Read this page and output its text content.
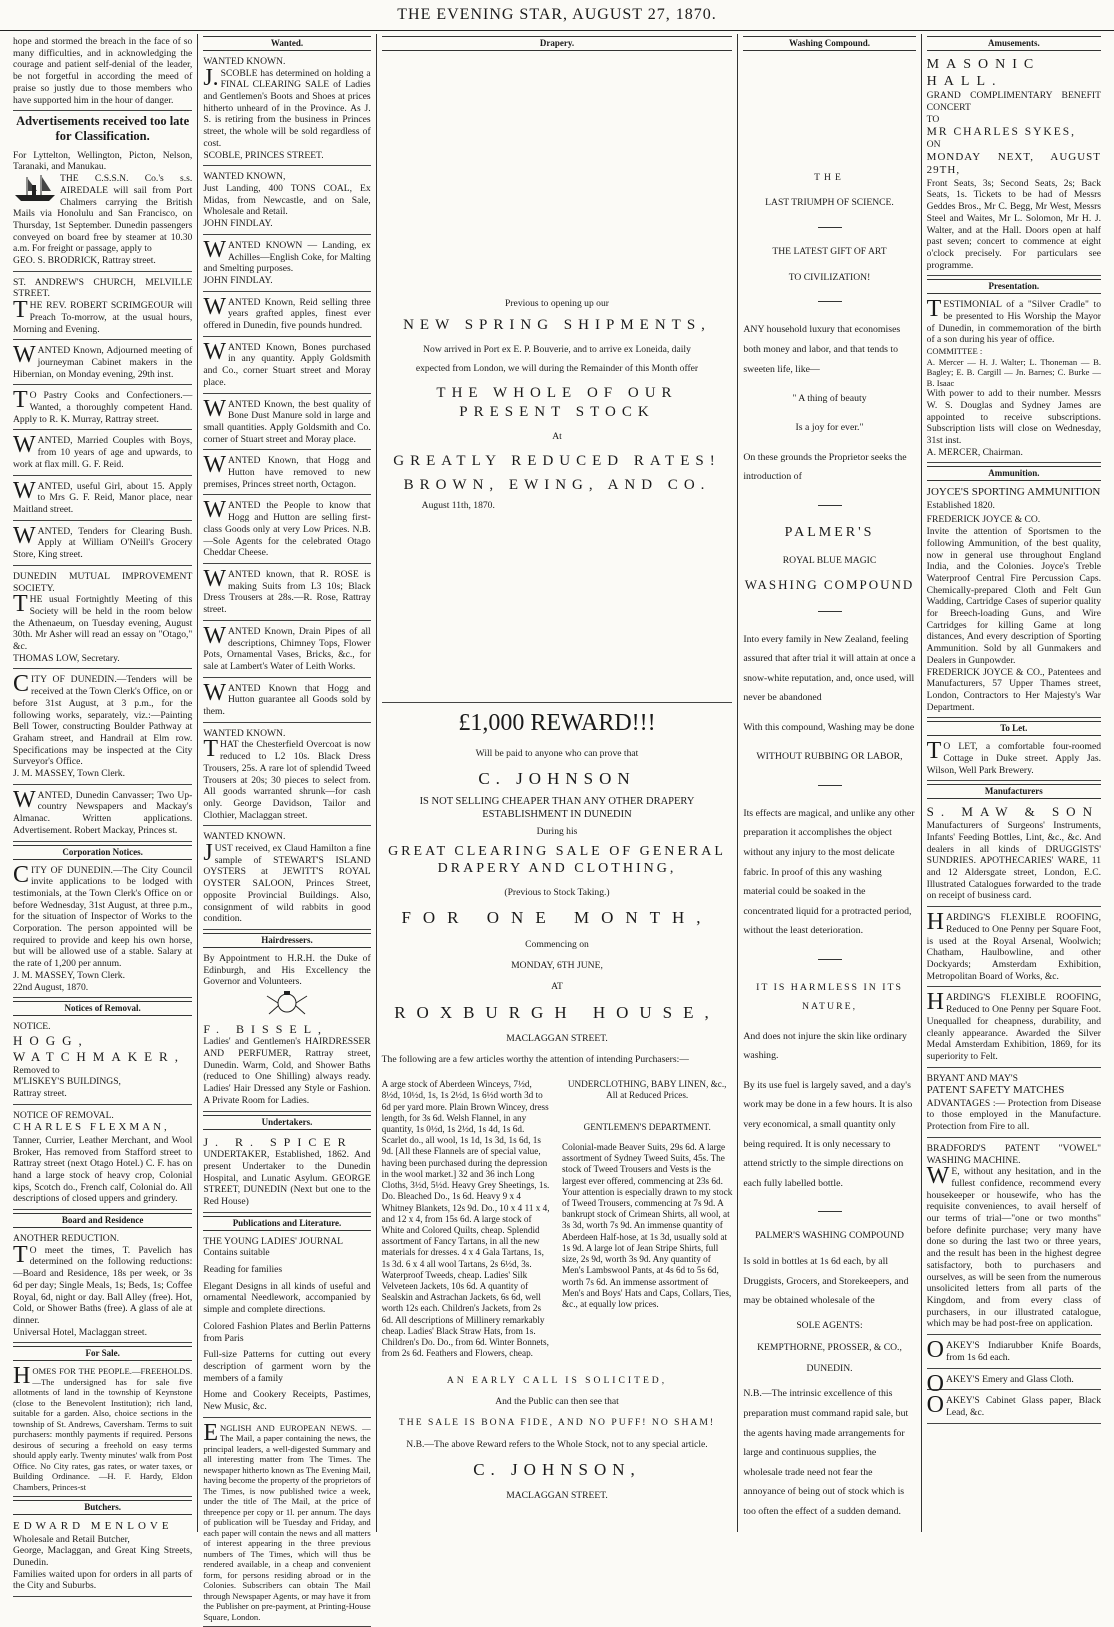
THE EVENING STAR, AUGUST 27, 1870.

hope and stormed the breach in the face of so many difficulties, and in acknowledging the courage and patient self-denial of the leader, be not forgetful in according the meed of praise so justly due to those members who have supported him in the hour of danger.

Advertisements received too late for Classification.

For Lyttelton, Wellington, Picton, Nelson, Taranaki, and Manukau.

THE C.S.S.N. Co.'s s.s. AIREDALE will sail from Port Chalmers carrying the British Mails via Honolulu and San Francisco, on Thursday, 1st September. Dunedin passengers conveyed on board free by steamer at 10.30 a.m. For freight or passage, apply to

GEO. S. BRODRICK, Rattray street.

ST. ANDREW'S CHURCH, MELVILLE STREET.

THE REV. ROBERT SCRIMGEOUR will Preach To-morrow, at the usual hours, Morning and Evening.

WANTED Known, Adjourned meeting of journeyman Cabinet makers in the Hibernian, on Monday evening, 29th inst.

TO Pastry Cooks and Confectioners.—Wanted, a thoroughly competent Hand. Apply to R. K. Murray, Rattray street.

WANTED, Married Couples with Boys, from 10 years of age and upwards, to work at flax mill. G. F. Reid.

WANTED, useful Girl, about 15. Apply to Mrs G. F. Reid, Manor place, near Maitland street.

WANTED, Tenders for Clearing Bush. Apply at William O'Neill's Grocery Store, King street.

DUNEDIN MUTUAL IMPROVEMENT SOCIETY.

THE usual Fortnightly Meeting of this Society will be held in the room below the Athenaeum, on Tuesday evening, August 30th. Mr Asher will read an essay on "Otago," &c.

THOMAS LOW, Secretary.

CITY OF DUNEDIN.—Tenders will be received at the Town Clerk's Office, on or before 31st August, at 3 p.m., for the following works, separately, viz.:—Painting Bell Tower, constructing Boulder Pathway at Graham street, and Handrail at Elm row. Specifications may be inspected at the City Surveyor's Office.

J. M. MASSEY, Town Clerk.

WANTED, Dunedin Canvasser; Two Up-country Newspapers and Mackay's Almanac. Written applications. Advertisement. Robert Mackay, Princes st.

Corporation Notices.

CITY OF DUNEDIN.—The City Council invite applications to be lodged with testimonials, at the Town Clerk's Office on or before Wednesday, 31st August, at three p.m., for the situation of Inspector of Works to the Corporation. The person appointed will be required to provide and keep his own horse, but will be allowed use of a stable. Salary at the rate of 1,200 per annum.

J. M. MASSEY, Town Clerk.

22nd August, 1870.

Notices of Removal.

NOTICE.

HOGG, WATCHMAKER,

Removed to

M'LISKEY'S BUILDINGS,

Rattray street.

NOTICE OF REMOVAL.

CHARLES FLEXMAN,

Tanner, Currier, Leather Merchant, and Wool Broker, Has removed from Stafford street to Rattray street (next Otago Hotel.) C. F. has on hand a large stock of heavy crop, Colonial kips, Scotch do., French calf, Colonial do. All descriptions of closed uppers and grindery.

Board and Residence

ANOTHER REDUCTION.

TO meet the times, T. Pavelich has determined on the following reductions:—Board and Residence, 18s per week, or 3s 6d per day; Single Meals, 1s; Beds, 1s; Coffee Royal, 6d, night or day. Ball Alley (free). Hot, Cold, or Shower Baths (free). A glass of ale at dinner.

Universal Hotel, Maclaggan street.

For Sale.

HOMES FOR THE PEOPLE.—FREEHOLDS.—The undersigned has for sale five allotments of land in the township of Keynstone (close to the Benevolent Institution); rich land, suitable for a garden. Also, choice sections in the township of St. Andrews, Caversham. Terms to suit purchasers: monthly payments if required. Persons desirous of securing a freehold on easy terms should apply early. Twenty minutes' walk from Post Office. No City rates, gas rates, or water taxes, or Building Ordinance. —H. F. Hardy, Eldon Chambers, Princes-st

Butchers.

EDWARD MENLOVE

Wholesale and Retail Butcher,

George, Maclaggan, and Great King Streets, Dunedin.

Families waited upon for orders in all parts of the City and Suburbs.

Wanted.

WANTED KNOWN.

J.SCOBLE has determined on holding a FINAL CLEARING SALE of Ladies and Gentlemen's Boots and Shoes at prices hitherto unheard of in the Province. As J. S. is retiring from the business in Princes street, the whole will be sold regardless of cost.

SCOBLE, PRINCES STREET.

WANTED KNOWN,

Just Landing, 400 TONS COAL, Ex Midas, from Newcastle, and on Sale, Wholesale and Retail.

JOHN FINDLAY.

WANTED KNOWN — Landing, ex Achilles—English Coke, for Malting and Smelting purposes.

JOHN FINDLAY.

WANTED Known, Reid selling three years grafted apples, finest ever offered in Dunedin, five pounds hundred.

WANTED Known, Bones purchased in any quantity. Apply Goldsmith and Co., corner Stuart street and Moray place.

WANTED Known, the best quality of Bone Dust Manure sold in large and small quantities. Apply Goldsmith and Co. corner of Stuart street and Moray place.

WANTED Known, that Hogg and Hutton have removed to new premises, Princes street north, Octagon.

WANTED the People to know that Hogg and Hutton are selling first-class Goods only at very Low Prices. N.B. —Sole Agents for the celebrated Otago Cheddar Cheese.

WANTED known, that R. ROSE is making Suits from L3 10s; Black Dress Trousers at 28s.—R. Rose, Rattray street.

WANTED Known, Drain Pipes of all descriptions, Chimney Tops, Flower Pots, Ornamental Vases, Bricks, &c., for sale at Lambert's Water of Leith Works.

WANTED Known that Hogg and Hutton guarantee all Goods sold by them.

WANTED KNOWN.

THAT the Chesterfield Overcoat is now reduced to L2 10s. Black Dress Trousers, 25s. A rare lot of splendid Tweed Trousers at 20s; 30 pieces to select from. All goods warranted shrunk—for cash only. George Davidson, Tailor and Clothier, Maclaggan street.

WANTED KNOWN.

JUST received, ex Claud Hamilton a fine sample of STEWART'S ISLAND OYSTERS at JEWITT'S ROYAL OYSTER SALOON, Princes Street, opposite Provincial Buildings. Also, consignment of wild rabbits in good condition.

Hairdressers.

By Appointment to H.R.H. the Duke of Edinburgh, and His Excellency the Governor and Volunteers.

F. BISSEL,

Ladies' and Gentlemen's HAIRDRESSER AND PERFUMER, Rattray street, Dunedin. Warm, Cold, and Shower Baths (reduced to One Shilling) always ready. Ladies' Hair Dressed any Style or Fashion. A Private Room for Ladies.

Undertakers.

J. R. SPICER

UNDERTAKER, Established, 1862. And present Undertaker to the Dunedin Hospital, and Lunatic Asylum. GEORGE STREET, DUNEDIN (Next but one to the Red House)

Publications and Literature.

THE YOUNG LADIES' JOURNAL

Contains suitable

Reading for families

Elegant Designs in all kinds of useful and ornamental Needlework, accompanied by simple and complete directions.

Colored Fashion Plates and Berlin Patterns from Paris

Full-size Patterns for cutting out every description of garment worn by the members of a family

Home and Cookery Receipts, Pastimes, New Music, &c.

ENGLISH AND EUROPEAN NEWS. —The Mail, a paper containing the news, the principal leaders, a well-digested Summary and all interesting matter from The Times. The newspaper hitherto known as The Evening Mail, having become the property of the proprietors of The Times, is now published twice a week, under the title of The Mail, at the price of threepence per copy or 1l. per annum. The days of publication will be Tuesday and Friday, and each paper will contain the news and all matters of interest appearing in the three previous numbers of The Times, which will thus be rendered available, in a cheap and convenient form, for persons residing abroad or in the Colonies. Subscribers can obtain The Mail through Newspaper Agents, or may have it from the Publisher on pre-payment, at Printing-House Square, London.

Drapery.

Previous to opening up our

NEW SPRING SHIPMENTS,

Now arrived in Port ex E. P. Bouverie, and to arrive ex Loneida, daily expected from London, we will during the Remainder of this Month offer

THE WHOLE OF OUR PRESENT STOCK

At

GREATLY REDUCED RATES!

BROWN, EWING, AND CO.

August 11th, 1870.

£1,000 REWARD!!!

Will be paid to anyone who can prove that

C. JOHNSON

IS NOT SELLING CHEAPER THAN ANY OTHER DRAPERY ESTABLISHMENT IN DUNEDIN

During his

GREAT CLEARING SALE OF GENERAL DRAPERY AND CLOTHING,

(Previous to Stock Taking.)

FOR ONE MONTH,

Commencing on

MONDAY, 6TH JUNE,

AT

ROXBURGH HOUSE,

MACLAGGAN STREET.

The following are a few articles worthy the attention of intending Purchasers:—

A arge stock of Aberdeen Winceys, 7½d, 8½d, 10½d, 1s, 1s 2½d, 1s 6½d worth 3d to 6d per yard more. Plain Brown Wincey, dress length, for 3s 6d. Welsh Flannel, in any quantity, 1s 0½d, 1s 2½d, 1s 4d, 1s 6d. Scarlet do., all wool, 1s 1d, 1s 3d, 1s 6d, 1s 9d. [All these Flannels are of special value, having been purchased during the depression in the wool market.] 32 and 36 inch Long Cloths, 3½d, 5½d. Heavy Grey Sheetings, 1s. Do. Bleached Do., 1s 6d. Heavy 9 x 4 Whitney Blankets, 12s 9d. Do., 10 x 4 11 x 4, and 12 x 4, from 15s 6d. A large stock of White and Colored Quilts, cheap. Splendid assortment of Fancy Tartans, in all the new materials for dresses. 4 x 4 Gala Tartans, 1s, 1s 3d. 6 x 4 all wool Tartans, 2s 6½d, 3s. Waterproof Tweeds, cheap. Ladies' Silk Velveteen Jackets, 10s 6d. A quantity of Sealskin and Astrachan Jackets, 6s 6d, well worth 12s each. Children's Jackets, from 2s 6d. All descriptions of Millinery remarkably cheap. Ladies' Black Straw Hats, from 1s. Children's Do. Do., from 6d. Winter Bonnets, from 2s 6d. Feathers and Flowers, cheap.

UNDERCLOTHING, BABY LINEN, &c., All at Reduced Prices.

GENTLEMEN'S DEPARTMENT.

Colonial-made Beaver Suits, 29s 6d. A large assortment of Sydney Tweed Suits, 45s. The stock of Tweed Trousers and Vests is the largest ever offered, commencing at 23s 6d. Your attention is especially drawn to my stock of Tweed Trousers, commencing at 7s 9d. A bankrupt stock of Crimean Shirts, all wool, at 3s 3d, worth 7s 9d. An immense quantity of Aberdeen Half-hose, at 1s 3d, usually sold at 1s 9d. A large lot of Jean Stripe Shirts, full size, 2s 9d, worth 3s 9d. Any quantity of Men's Lambswool Pants, at 4s 6d to 5s 6d, worth 7s 6d. An immense assortment of Men's and Boys' Hats and Caps, Collars, Ties, &c., at equally low prices.

AN EARLY CALL IS SOLICITED,

And the Public can then see that

THE SALE IS BONA FIDE, AND NO PUFF! NO SHAM!

N.B.—The above Reward refers to the Whole Stock, not to any special article.

C. JOHNSON,

MACLAGGAN STREET.

Washing Compound.

THE

LAST TRIUMPH OF SCIENCE.

THE LATEST GIFT OF ART

TO CIVILIZATION!

ANY household luxury that economises both money and labor, and that tends to sweeten life, like—

" A thing of beauty

Is a joy for ever."

On these grounds the Proprietor seeks the introduction of

PALMER'S

ROYAL BLUE MAGIC

WASHING COMPOUND

Into every family in New Zealand, feeling assured that after trial it will attain at once a snow-white reputation, and, once used, will never be abandoned

With this compound, Washing may be done

WITHOUT RUBBING OR LABOR,

Its effects are magical, and unlike any other preparation it accomplishes the object without any injury to the most delicate fabric. In proof of this any washing material could be soaked in the concentrated liquid for a protracted period, without the least deterioration.

IT IS HARMLESS IN ITS NATURE,

And does not injure the skin like ordinary washing.

By its use fuel is largely saved, and a day's work may be done in a few hours. It is also very economical, a small quantity only being required. It is only necessary to attend strictly to the simple directions on each fully labelled bottle.

PALMER'S WASHING COMPOUND

Is sold in bottles at 1s 6d each, by all Druggists, Grocers, and Storekeepers, and may be obtained wholesale of the

SOLE AGENTS:

KEMPTHORNE, PROSSER, & CO.,

DUNEDIN.

N.B.—The intrinsic excellence of this preparation must command rapid sale, but the agents having made arrangements for large and continuous supplies, the wholesale trade need not fear the annoyance of being out of stock which is too often the effect of a sudden demand.

Amusements.

MASONIC HALL.

GRAND COMPLIMENTARY BENEFIT CONCERT

TO

MR CHARLES SYKES,

ON

MONDAY NEXT, AUGUST 29TH,

Front Seats, 3s; Second Seats, 2s; Back Seats, 1s. Tickets to be had of Messrs Geddes Bros., Mr C. Begg, Mr West, Messrs Steel and Waites, Mr L. Solomon, Mr H. J. Walter, and at the Hall. Doors open at half past seven; concert to commence at eight o'clock precisely. For particulars see programme.

Presentation.

TESTIMONIAL of a "Silver Cradle" to be presented to His Worship the Mayor of Dunedin, in commemoration of the birth of a son during his year of office.

COMMITTEE :

A. Mercer — H. J. Walter; L. Thoneman — B. Bagley; E. B. Cargill — Jn. Barnes; C. Burke — B. Isaac

With power to add to their number. Messrs W. S. Douglas and Sydney James are appointed to receive subscriptions. Subscription lists will close on Wednesday, 31st inst.

A. MERCER, Chairman.

Ammunition.

JOYCE'S SPORTING AMMUNITION

Established 1820.

FREDERICK JOYCE & CO.

Invite the attention of Sportsmen to the following Ammunition, of the best quality, now in general use throughout England India, and the Colonies. Joyce's Treble Waterproof Central Fire Percussion Caps. Chemically-prepared Cloth and Felt Gun Wadding, Cartridge Cases of superior quality for Breech-loading Guns, and Wire Cartridges for killing Game at long distances, And every description of Sporting Ammunition. Sold by all Gunmakers and Dealers in Gunpowder.

FREDERICK JOYCE & CO., Patentees and Manufacturers, 57 Upper Thames street, London, Contractors to Her Majesty's War Department.

To Let.

TO LET, a comfortable four-roomed Cottage in Duke street. Apply Jas. Wilson, Well Park Brewery.

Manufacturers

S. MAW & SON

Manufacturers of Surgeons' Instruments, Infants' Feeding Bottles, Lint, &c., &c. And dealers in all kinds of DRUGGISTS' SUNDRIES. APOTHECARIES' WARE, 11 and 12 Aldersgate street, London, E.C. Illustrated Catalogues forwarded to the trade on receipt of business card.

HARDING'S FLEXIBLE ROOFING, Reduced to One Penny per Square Foot, is used at the Royal Arsenal, Woolwich; Chatham, Haulbowline, and other Dockyards; Amsterdam Exhibition, Metropolitan Board of Works, &c.

HARDING'S FLEXIBLE ROOFING, Reduced to One Penny per Square Foot. Unequalled for cheapness, durability, and cleanly appearance. Awarded the Silver Medal Amsterdam Exhibition, 1869, for its superiority to Felt.

BRYANT AND MAY'S

PATENT SAFETY MATCHES

ADVANTAGES :— Protection from Disease to those employed in the Manufacture. Protection from Fire to all.

BRADFORD'S PATENT "VOWEL" WASHING MACHINE.

WE, without any hesitation, and in the fullest confidence, recommend every housekeeper or housewife, who has the requisite conveniences, to avail herself of our terms of trial—"one or two months" before definite purchase; very many have done so during the last two or three years, and the result has been in the highest degree satisfactory, both to purchasers and ourselves, as will be seen from the numerous unsolicited letters from all parts of the Kingdom, and from every class of purchasers, in our illustrated catalogue, which may be had post-free on application.

OAKEY'S Indiarubber Knife Boards, from 1s 6d each.

OAKEY'S Emery and Glass Cloth.

OAKEY'S Cabinet Glass paper, Black Lead, &c.
